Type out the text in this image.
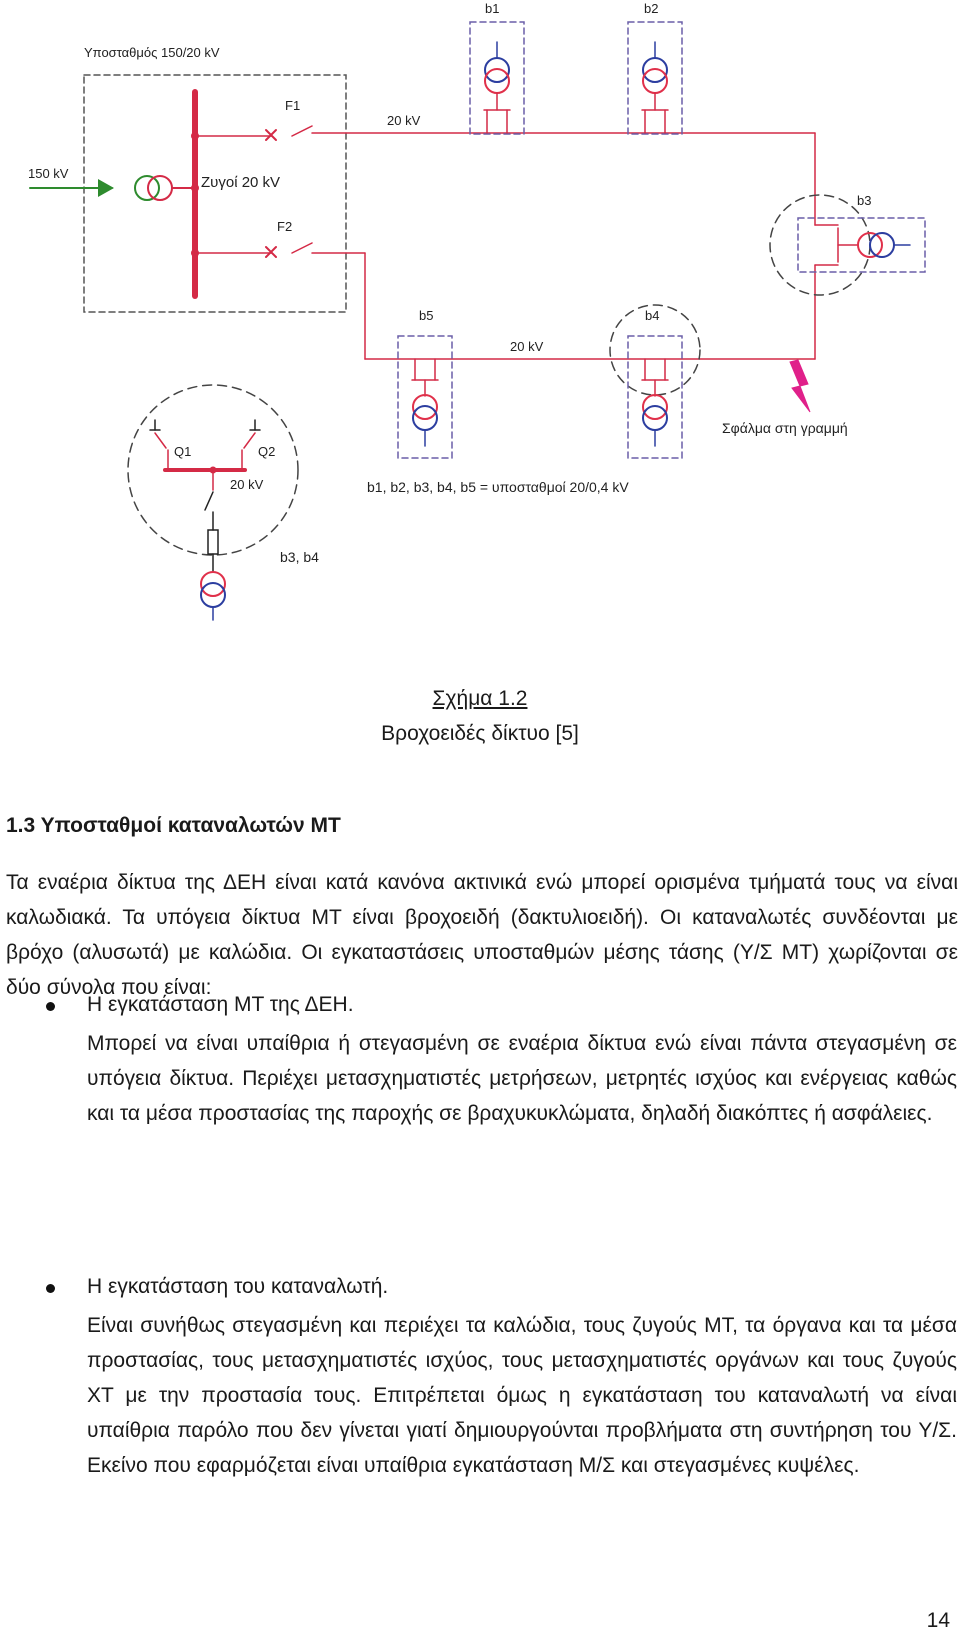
Υποσταθμός 150/20 kV
Ζυγοί 20 kV
150 kV
F1
F2
20 kV
20 kV
b1	b2
b3
b4
b5
Σφάλμα στη γραμμή
b1, b2, b3, b4, b5 = υποσταθμοί 20/0,4 kV
Q1	Q2
20 kV
b3, b4
Σχήμα 1.2
Βροχοειδές δίκτυο [5]
1.3 Υποσταθμοί καταναλωτών ΜΤ
Τα εναέρια δίκτυα της ΔΕΗ είναι κατά κανόνα ακτινικά ενώ μπορεί ορισμένα τμήματά τους να είναι καλωδιακά. Τα υπόγεια δίκτυα ΜΤ είναι βροχοειδή (δακτυλιοειδή). Οι καταναλωτές συνδέονται με βρόχο (αλυσωτά) με καλώδια. Οι εγκαταστάσεις υποσταθμών μέσης τάσης (Υ/Σ ΜΤ) χωρίζονται σε δύο σύνολα που είναι:
Η εγκατάσταση ΜΤ της ΔΕΗ.
Μπορεί να είναι υπαίθρια ή στεγασμένη σε εναέρια δίκτυα ενώ είναι πάντα στεγασμένη σε υπόγεια δίκτυα. Περιέχει μετασχηματιστές μετρήσεων, μετρητές ισχύος και ενέργειας καθώς και τα μέσα προστασίας της παροχής σε βραχυκυκλώματα, δηλαδή διακόπτες ή ασφάλειες.
Η εγκατάσταση του καταναλωτή.
Είναι συνήθως στεγασμένη και περιέχει τα καλώδια, τους ζυγούς ΜΤ, τα όργανα και τα μέσα προστασίας, τους μετασχηματιστές ισχύος, τους μετασχηματιστές οργάνων και τους ζυγούς ΧΤ με την προστασία τους. Επιτρέπεται όμως η εγκατάσταση του καταναλωτή να είναι υπαίθρια παρόλο που δεν γίνεται γιατί δημιουργούνται προβλήματα στη συντήρηση του Υ/Σ. Εκείνο που εφαρμόζεται είναι υπαίθρια εγκατάσταση Μ/Σ και στεγασμένες κυψέλες.
14
